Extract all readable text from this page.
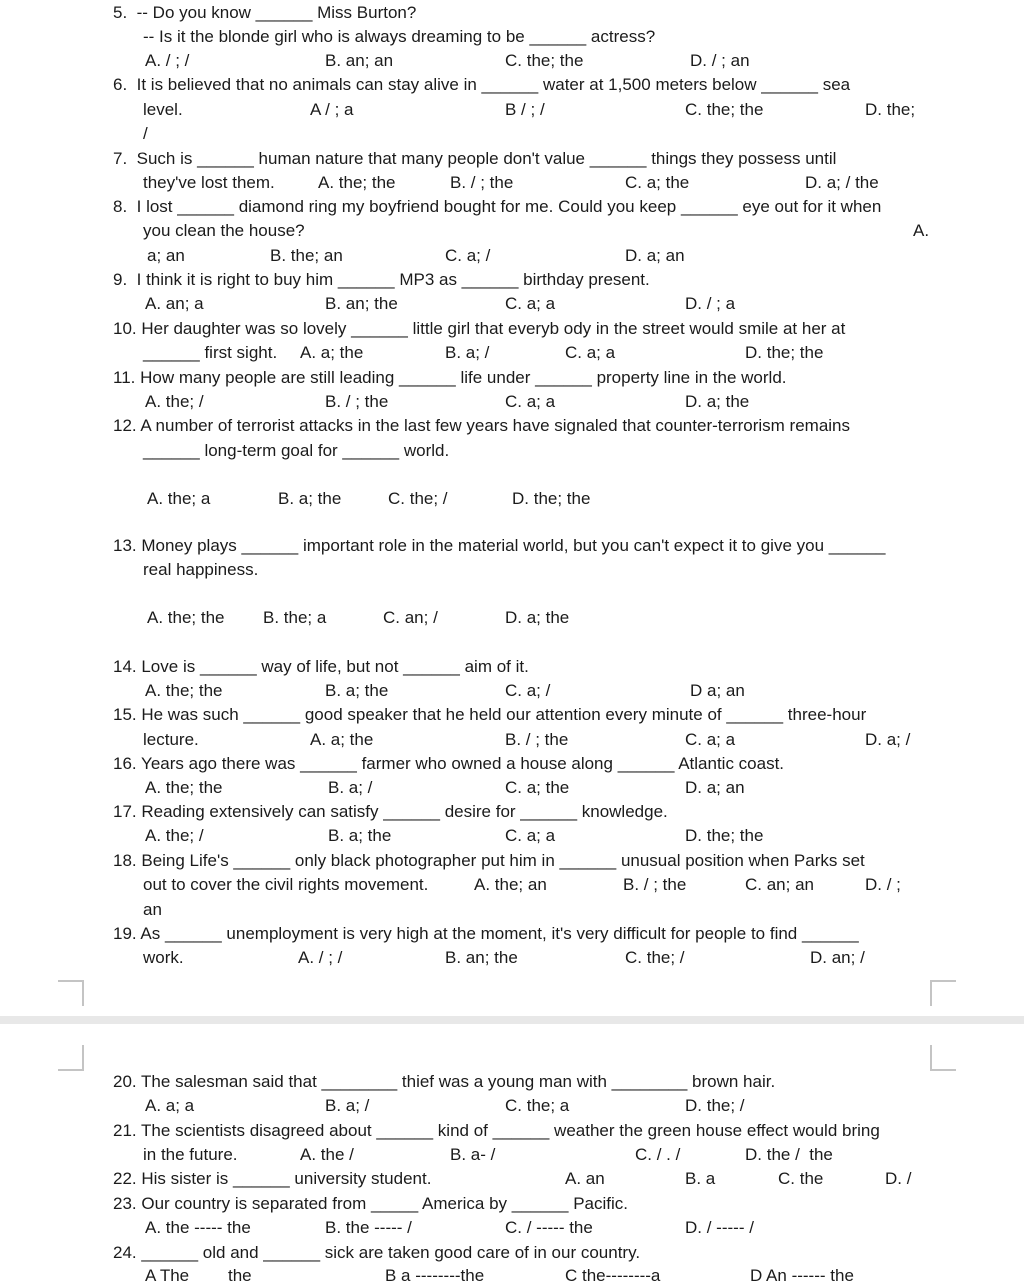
5.  -- Do you know ______ Miss Burton?
-- Is it the blonde girl who is always dreaming to be ______ actress?
A. / ; /	B. an; an	C. the; the	D. / ; an
6.  It is believed that no animals can stay alive in ______ water at 1,500 meters below ______ sea
level.	A / ; a	B / ; /	C. the; the	D. the;
/
7.  Such is ______ human nature that many people don't value ______ things they possess until
they've lost them.	A. the; the	B. / ; the	C. a; the	D. a; / the
8.  I lost ______ diamond ring my boyfriend bought for me. Could you keep ______ eye out for it when
you clean the house?	A.
a; an	B. the; an	C. a; /	D. a; an
9.  I think it is right to buy him ______ MP3 as ______ birthday present.
A. an; a	B. an; the	C. a; a	D. / ; a
10. Her daughter was so lovely ______ little girl that everyb ody in the street would smile at her at
______ first sight. A. a; the	B. a; /	C. a; a	D. the; the
11. How many people are still leading ______ life under ______ property line in the world.
A. the; /	B. / ; the	C. a; a	D. a; the
12. A number of terrorist attacks in the last few years have signaled that counter-terrorism remains
______ long-term goal for ______ world.
A. the; a	B. a; the	C. the; /	D. the; the
13. Money plays ______ important role in the material world, but you can't expect it to give you ______
real happiness.
A. the; the B. the; a	C. an; /	D. a; the
14. Love is ______ way of life, but not ______ aim of it.
A. the; the	B. a; the	C. a; /	D a; an
15. He was such ______ good speaker that he held our attention every minute of ______ three-hour
lecture.	A. a; the	B. / ; the	C. a; a	D. a; /
16. Years ago there was ______ farmer who owned a house along ______ Atlantic coast.
A. the; the	B. a; /	C. a; the	D. a; an
17. Reading extensively can satisfy ______ desire for ______ knowledge.
A. the; /	B. a; the	C. a; a	D. the; the
18. Being Life's ______ only black photographer put him in ______ unusual position when Parks set
out to cover the civil rights movement.	A. the; an	B. / ; the	C. an; an	D. / ;
an
19. As ______ unemployment is very high at the moment, it's very difficult for people to find ______
work.	A. / ; /	B. an; the	C. the; /	D. an; /
20. The salesman said that ________ thief was a young man with ________ brown hair.
A. a; a	B. a; /	C. the; a	D. the; /
21. The scientists disagreed about ______ kind of ______ weather the green house effect would bring
in the future.	A. the /	B. a- /	C. / . /	D. the /  the
22. His sister is ______ university student.	A. an	B. a	C. the	D. /
23. Our country is separated from _____ America by ______ Pacific.
A. the ----- the	B. the ----- /	C. / ----- the	D. / ----- /
24. ______ old and ______ sick are taken good care of in our country.
A The the	B a --------the	C the--------a	D An ------ the
